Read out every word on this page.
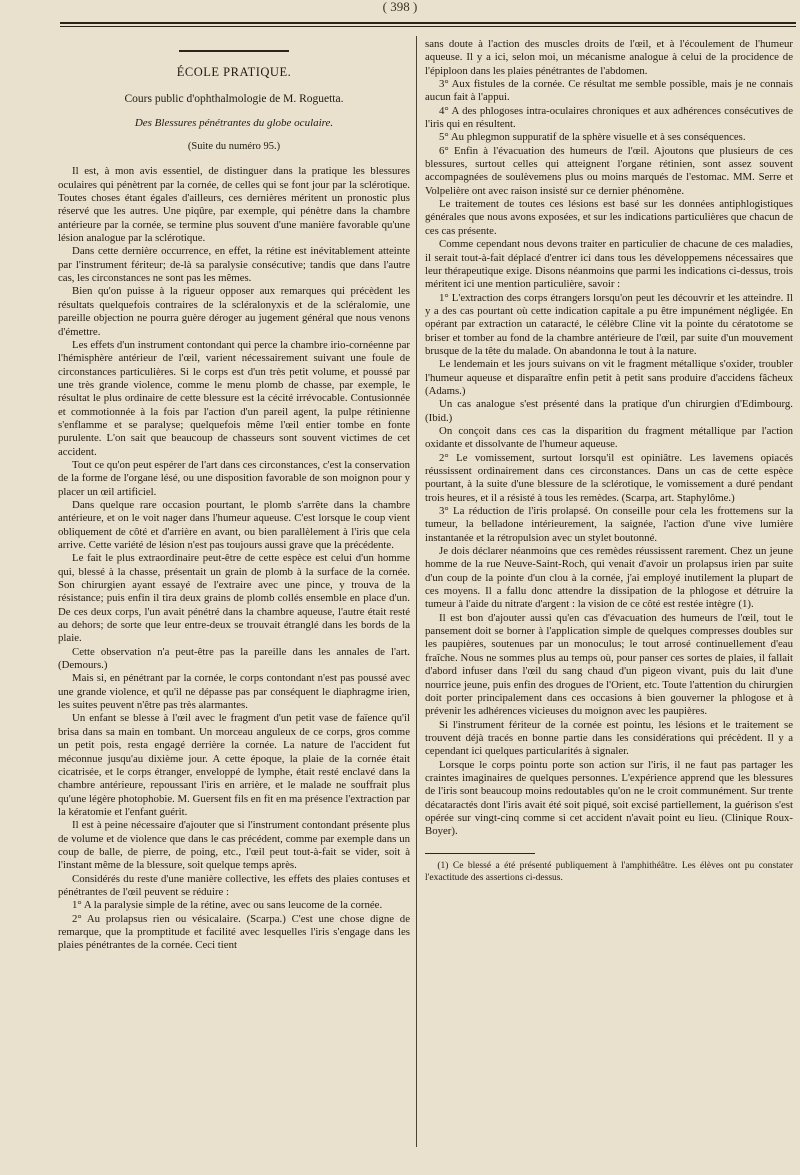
( 398 )
ÉCOLE PRATIQUE.
Cours public d'ophthalmologie de M. Roguetta.
Des Blessures pénétrantes du globe oculaire.
(Suite du numéro 95.)

Il est, à mon avis essentiel, de distinguer dans la pratique les blessures oculaires qui pénètrent par la cornée, de celles qui se font jour par la sclérotique. Toutes choses étant égales d'ailleurs, ces dernières méritent un pronostic plus réservé que les autres. Une piqûre, par exemple, qui pénètre dans la chambre antérieure par la cornée, se termine plus souvent d'une manière favorable qu'une lésion analogue par la sclérotique.

Dans cette dernière occurrence, en effet, la rétine est inévitablement atteinte par l'instrument fériteur; de-là sa paralysie consécutive; tandis que dans l'autre cas, les circonstances ne sont pas les mêmes.

Bien qu'on puisse à la rigueur opposer aux remarques qui précèdent les résultats quelquefois contraires de la scléralonyxis et de la scléralomie, une pareille objection ne pourra guère déroger au jugement général que nous venons d'émettre.

Les effets d'un instrument contondant qui perce la chambre irio-cornéenne par l'hémisphère antérieur de l'œil, varient nécessairement suivant une foule de circonstances particulières. Si le corps est d'un très petit volume, et poussé par une très grande violence, comme le menu plomb de chasse, par exemple, le résultat le plus ordinaire de cette blessure est la cécité irrévocable. Contusionnée et commotionnée à la fois par l'action d'un pareil agent, la pulpe rétinienne s'enflamme et se paralyse; quelquefois même l'œil entier tombe en fonte purulente. L'on sait que beaucoup de chasseurs sont souvent victimes de cet accident.

Tout ce qu'on peut espérer de l'art dans ces circonstances, c'est la conservation de la forme de l'organe lésé, ou une disposition favorable de son moignon pour y placer un œil artificiel.

Dans quelque rare occasion pourtant, le plomb s'arrête dans la chambre antérieure, et on le voit nager dans l'humeur aqueuse. C'est lorsque le coup vient obliquement de côté et d'arrière en avant, ou bien parallèlement à l'iris que cela arrive. Cette variété de lésion n'est pas toujours aussi grave que la précédente.

Le fait le plus extraordinaire peut-être de cette espèce est celui d'un homme qui, blessé à la chasse, présentait un grain de plomb à la surface de la cornée. Son chirurgien ayant essayé de l'extraire avec une pince, y trouva de la résistance; puis enfin il tira deux grains de plomb collés ensemble en place d'un. De ces deux corps, l'un avait pénétré dans la chambre aqueuse, l'autre était resté au dehors; de sorte que leur entre-deux se trouvait étranglé dans les bords de la plaie.

Cette observation n'a peut-être pas la pareille dans les annales de l'art. (Demours.)

Mais si, en pénétrant par la cornée, le corps contondant n'est pas poussé avec une grande violence, et qu'il ne dépasse pas par conséquent le diaphragme irien, les suites peuvent n'être pas très alarmantes.

Un enfant se blesse à l'œil avec le fragment d'un petit vase de faïence qu'il brisa dans sa main en tombant. Un morceau anguleux de ce corps, gros comme un petit pois, resta engagé derrière la cornée. La nature de l'accident fut méconnue jusqu'au dixième jour. A cette époque, la plaie de la cornée était cicatrisée, et le corps étranger, enveloppé de lymphe, était resté enclavé dans la chambre antérieure, repoussant l'iris en arrière, et le malade ne souffrait plus qu'une légère photophobie. M. Guersent fils en fit en ma présence l'extraction par la kératomie et l'enfant guérit.

Il est à peine nécessaire d'ajouter que si l'instrument contondant présente plus de volume et de violence que dans le cas précédent, comme par exemple dans un coup de balle, de pierre, de poing, etc., l'œil peut tout-à-fait se vider, soit à l'instant même de la blessure, soit quelque temps après.

Considérés du reste d'une manière collective, les effets des plaies contuses et pénétrantes de l'œil peuvent se réduire :

1° A la paralysie simple de la rétine, avec ou sans leucome de la cornée.

2° Au prolapsus rien ou vésicalaire. (Scarpa.) C'est une chose digne de remarque, que la promptitude et facilité avec lesquelles l'iris s'engage dans les plaies pénétrantes de la cornée. Ceci tient

sans doute à l'action des muscles droits de l'œil, et à l'écoulement de l'humeur aqueuse. Il y a ici, selon moi, un mécanisme analogue à celui de la procidence de l'épiploon dans les plaies pénétrantes de l'abdomen.

3° Aux fistules de la cornée. Ce résultat me semble possible, mais je ne connais aucun fait à l'appui.

4° A des phlogoses intra-oculaires chroniques et aux adhérences consécutives de l'iris qui en résultent.

5° Au phlegmon suppuratif de la sphère visuelle et à ses conséquences.

6° Enfin à l'évacuation des humeurs de l'œil. Ajoutons que plusieurs de ces blessures, surtout celles qui atteignent l'organe rétinien, sont assez souvent accompagnées de soulèvemens plus ou moins marqués de l'estomac. MM. Serre et Volpelière ont avec raison insisté sur ce dernier phénomène.

Le traitement de toutes ces lésions est basé sur les données antiphlogistiques générales que nous avons exposées, et sur les indications particulières que chacun de ces cas présente.

Comme cependant nous devons traiter en particulier de chacune de ces maladies, il serait tout-à-fait déplacé d'entrer ici dans tous les développemens nécessaires que leur thérapeutique exige. Disons néanmoins que parmi les indications ci-dessus, trois méritent ici une mention particulière, savoir :

1° L'extraction des corps étrangers lorsqu'on peut les découvrir et les atteindre. Il y a des cas pourtant où cette indication capitale a pu être impunément négligée. En opérant par extraction un cataracté, le célèbre Cline vit la pointe du cératotome se briser et tomber au fond de la chambre antérieure de l'œil, par suite d'un mouvement brusque de la tête du malade. On abandonna le tout à la nature.

Le lendemain et les jours suivans on vit le fragment métallique s'oxider, troubler l'humeur aqueuse et disparaître enfin petit à petit sans produire d'accidens fâcheux (Adams.)

Un cas analogue s'est présenté dans la pratique d'un chirurgien d'Edimbourg. (Ibid.)

On conçoit dans ces cas la disparition du fragment métallique par l'action oxidante et dissolvante de l'humeur aqueuse.

2° Le vomissement, surtout lorsqu'il est opiniâtre. Les lavemens opiacés réussissent ordinairement dans ces circonstances. Dans un cas de cette espèce pourtant, à la suite d'une blessure de la sclérotique, le vomissement a duré pendant trois heures, et il a résisté à tous les remèdes. (Scarpa, art. Staphylôme.)

3° La réduction de l'iris prolapsé. On conseille pour cela les frottemens sur la tumeur, la belladone intérieurement, la saignée, l'action d'une vive lumière instantanée et la rétropulsion avec un stylet boutonné.

Je dois déclarer néanmoins que ces remèdes réussissent rarement. Chez un jeune homme de la rue Neuve-Saint-Roch, qui venait d'avoir un prolapsus irien par suite d'un coup de la pointe d'un clou à la cornée, j'ai employé inutilement la plupart de ces moyens. Il a fallu donc attendre la dissipation de la phlogose et détruire la tumeur à l'aide du nitrate d'argent : la vision de ce côté est restée intègre (1).

Il est bon d'ajouter aussi qu'en cas d'évacuation des humeurs de l'œil, tout le pansement doit se borner à l'application simple de quelques compresses doubles sur les paupières, soutenues par un monoculus; le tout arrosé continuellement d'eau fraîche. Nous ne sommes plus au temps où, pour panser ces sortes de plaies, il fallait d'abord infuser dans l'œil du sang chaud d'un pigeon vivant, puis du lait d'une nourrice jeune, puis enfin des drogues de l'Orient, etc. Toute l'attention du chirurgien doit porter principalement dans ces occasions à bien gouverner la phlogose et à prévenir les adhérences vicieuses du moignon avec les paupières.

Si l'instrument fériteur de la cornée est pointu, les lésions et le traitement se trouvent déjà tracés en bonne partie dans les considérations qui précèdent. Il y a cependant ici quelques particularités à signaler.

Lorsque le corps pointu porte son action sur l'iris, il ne faut pas partager les craintes imaginaires de quelques personnes. L'expérience apprend que les blessures de l'iris sont beaucoup moins redoutables qu'on ne le croit communément. Sur trente décataractés dont l'iris avait été soit piqué, soit excisé partiellement, la guérison s'est opérée sur vingt-cinq comme si cet accident n'avait point eu lieu. (Clinique Roux-Boyer).

(1) Ce blessé a été présenté publiquement à l'amphithéâtre. Les élèves ont pu constater l'exactitude des assertions ci-dessus.
